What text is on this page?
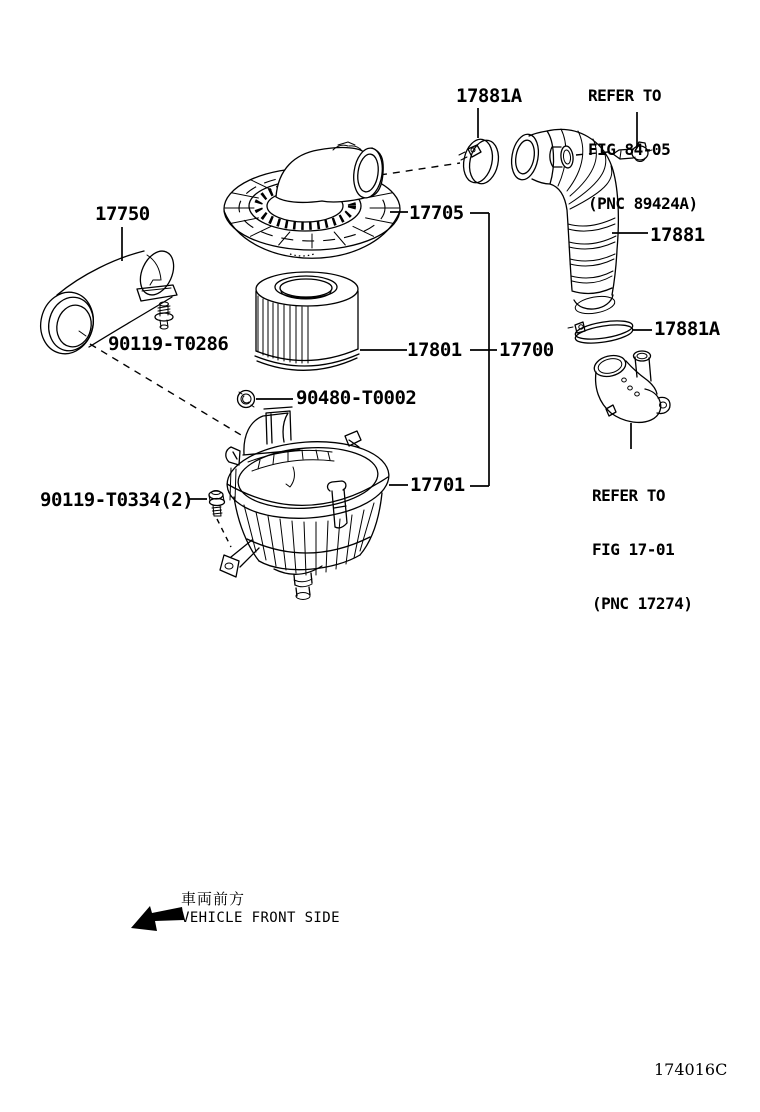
17750	17705
17801 17700
17701
17881
17881A
17881A
90119-T0286
90480-T0002
90119-T0334(2)

REFER TO

FIG 84-05

(PNC 89424A)

REFER TO

FIG 17-01

(PNC 17274)

車両前方
VEHICLE FRONT SIDE
174016C
